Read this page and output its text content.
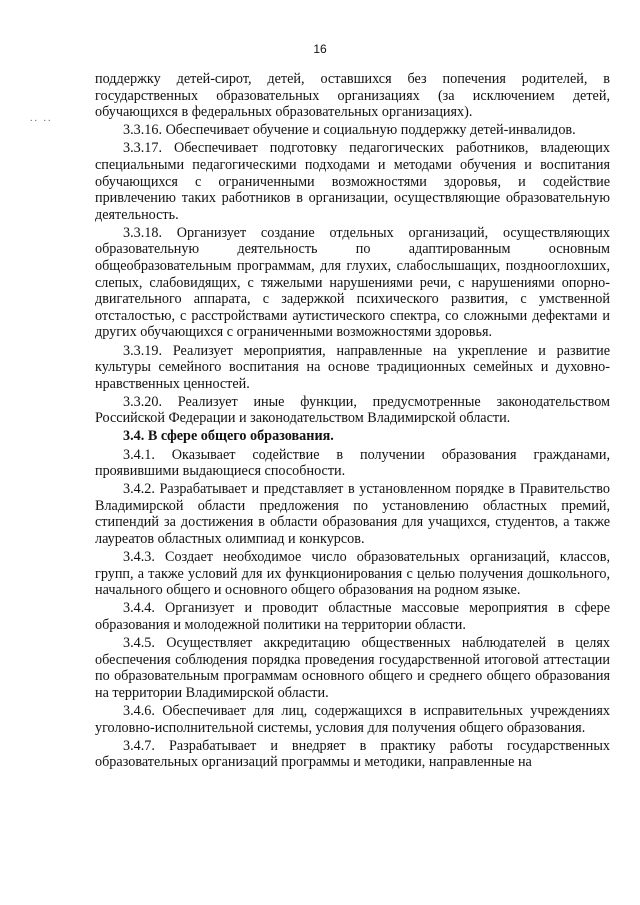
16
.. ..

поддержку детей-сирот, детей, оставшихся без попечения родителей, в государственных образовательных организациях (за исключением детей, обучающихся в федеральных образовательных организациях).

3.3.16. Обеспечивает обучение и социальную поддержку детей-инвалидов.

3.3.17. Обеспечивает подготовку педагогических работников, владеющих специальными педагогическими подходами и методами обучения и воспитания обучающихся с ограниченными возможностями здоровья, и содействие привлечению таких работников в организации, осуществляющие образовательную деятельность.

3.3.18. Организует создание отдельных организаций, осуществляющих образовательную деятельность по адаптированным основным общеобразовательным программам, для глухих, слабослышащих, позднооглохших, слепых, слабовидящих, с тяжелыми нарушениями речи, с нарушениями опорно-двигательного аппарата, с задержкой психического развития, с умственной отсталостью, с расстройствами аутистического спектра, со сложными дефектами и других обучающихся с ограниченными возможностями здоровья.

3.3.19. Реализует мероприятия, направленные на укрепление и развитие культуры семейного воспитания на основе традиционных семейных и духовно-нравственных ценностей.

3.3.20. Реализует иные функции, предусмотренные законодательством Российской Федерации и законодательством Владимирской области.

3.4. В сфере общего образования.

3.4.1. Оказывает содействие в получении образования гражданами, проявившими выдающиеся способности.

3.4.2. Разрабатывает и представляет в установленном порядке в Правительство Владимирской области предложения по установлению областных премий, стипендий за достижения в области образования для учащихся, студентов, а также лауреатов областных олимпиад и конкурсов.

3.4.3. Создает необходимое число образовательных организаций, классов, групп, а также условий для их функционирования с целью получения дошкольного, начального общего и основного общего образования на родном языке.

3.4.4. Организует и проводит областные массовые мероприятия в сфере образования и молодежной политики на территории области.

3.4.5. Осуществляет аккредитацию общественных наблюдателей в целях обеспечения соблюдения порядка проведения государственной итоговой аттестации по образовательным программам основного общего и среднего общего образования на территории Владимирской области.

3.4.6. Обеспечивает для лиц, содержащихся в исправительных учреждениях уголовно-исполнительной системы, условия для получения общего образования.

3.4.7. Разрабатывает и внедряет в практику работы государственных образовательных организаций программы и методики, направленные на
